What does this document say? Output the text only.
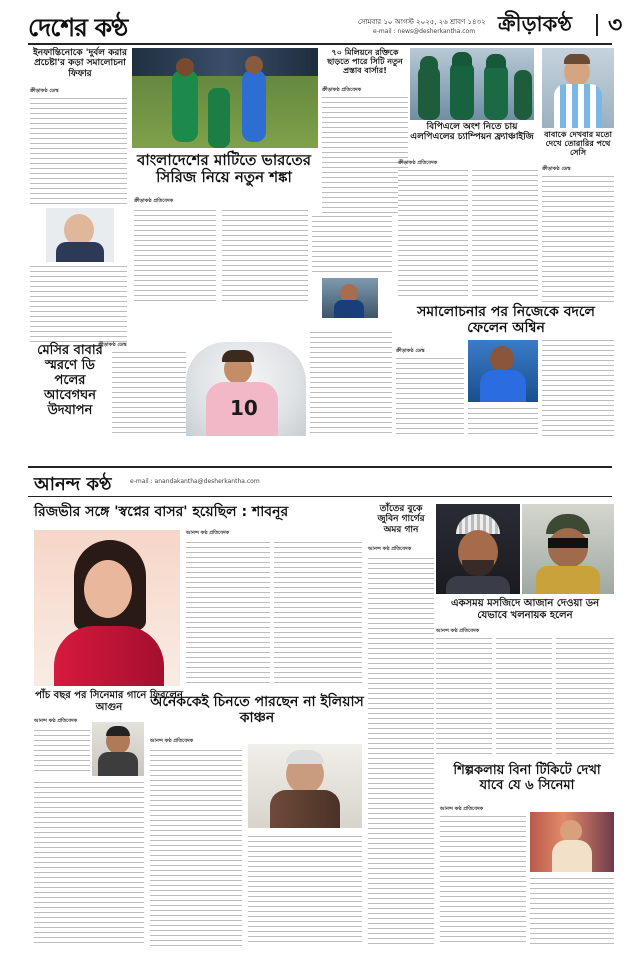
দেশের কণ্ঠ	সোমবার ১০ আগস্ট ২০২৫, ২৬ শ্রাবণ ১৪৩২
e-mail : news@desherkantha.com ক্রীড়াকণ্ঠ ৩
ইনফান্তিনোকে 'দুর্বল করার প্রচেষ্টা'র কড়া সমালোচনা ফিফার
ক্রীড়াকণ্ঠ ডেস্ক
৭০ মিলিয়নে রক্তিকে ছাড়তে পারে সিটি নতুন প্রস্তাব বার্সার!
ক্রীড়াকণ্ঠ প্রতিবেদক
বিপিএলে অংশ নিতে চায় এলপিএলের চ্যাম্পিয়ন ফ্র্যাঞ্চাইজি
ক্রীড়াকণ্ঠ প্রতিবেদক
বাবাকে দেখবার মতো দেখে তোরারির পথে সেসি
ক্রীড়াকণ্ঠ ডেস্ক
বাংলাদেশের মাটিতে ভারতের সিরিজ নিয়ে নতুন শঙ্কা
ক্রীড়াকণ্ঠ প্রতিবেদক
সমালোচনার পর নিজেকে বদলে ফেলেন অশ্বিন
ক্রীড়াকণ্ঠ ডেস্ক
মেসির বাবার স্মরণে ডি পলের আবেগঘন উদযাপন
ক্রীড়াকণ্ঠ ডেস্ক
10
আনন্দ কণ্ঠ	e-mail : anandakantha@desherkantha.com
রিজভীর সঙ্গে 'স্বপ্নের বাসর' হয়েছিল : শাবনূর
আনন্দ কণ্ঠ প্রতিবেদক
তাঁতের বুকে জুবিন গার্গের অমর গান
আনন্দ কণ্ঠ প্রতিবেদক
একসময় মসজিদে আজান দেওয়া ডন যেভাবে খলনায়ক হলেন
আনন্দ কণ্ঠ প্রতিবেদক
পাঁচ বছর পর সিনেমার গানে ফিরলেন আগুন
আনন্দ কণ্ঠ প্রতিবেদক
অনেককেই চিনতে পারছেন না ইলিয়াস কাঞ্চন
আনন্দ কণ্ঠ প্রতিবেদক
শিল্পকলায় বিনা টিকিটে দেখা যাবে যে ৬ সিনেমা
আনন্দ কণ্ঠ প্রতিবেদক
